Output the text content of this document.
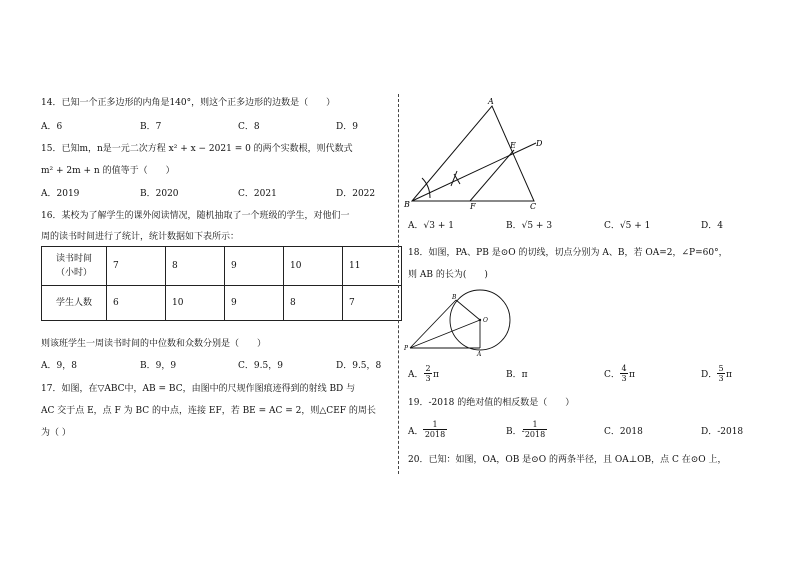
14．已知一个正多边形的内角是140°，则这个正多边形的边数是（　　）
A．6	B．7	C．8	D．9
15．已知m，n是一元二次方程 x² + x − 2021 = 0 的两个实数根，则代数式
m² + 2m + n 的值等于（　　）
A．2019	B．2020	C．2021	D．2022
16．某校为了解学生的课外阅读情况，随机抽取了一个班级的学生，对他们一
周的读书时间进行了统计，统计数据如下表所示：
读书时间
（小时）	7	8	9	10	11
学生人数	6	10	9	8	7
则该班学生一周读书时间的中位数和众数分别是（　　）
A．9，8	B．9，9	C．9.5，9	D．9.5，8
17．如图，在▽ABC中，AB = BC，由图中的尺规作图痕迹得到的射线 BD 与
AC 交于点 E，点 F 为 BC 的中点，连接 EF，若 BE = AC = 2，则△CEF 的周长
为（ ）
A
E	D
B	F	C
A．√3 + 1	B．√5 + 3	C．√5 + 1	D．4
18．如图，PA、PB 是⊙O 的切线，切点分别为 A、B，若 OA=2，∠P=60°，
则 AB 的长为(　　)
B
O
P
A
A． $\frac{2}{3}$ π	B．π	C． $\frac{4}{3}$ π	D． $\frac{5}{3}$ π
19．-2018 的绝对值的相反数是（　　）
A． $\frac{1}{2018}$	B．-
$\frac{1}{2018}$	C．2018	D．-2018
20．已知：如图，OA，OB 是⊙O 的两条半径，且 OA⊥OB，点 C 在⊙O 上，
